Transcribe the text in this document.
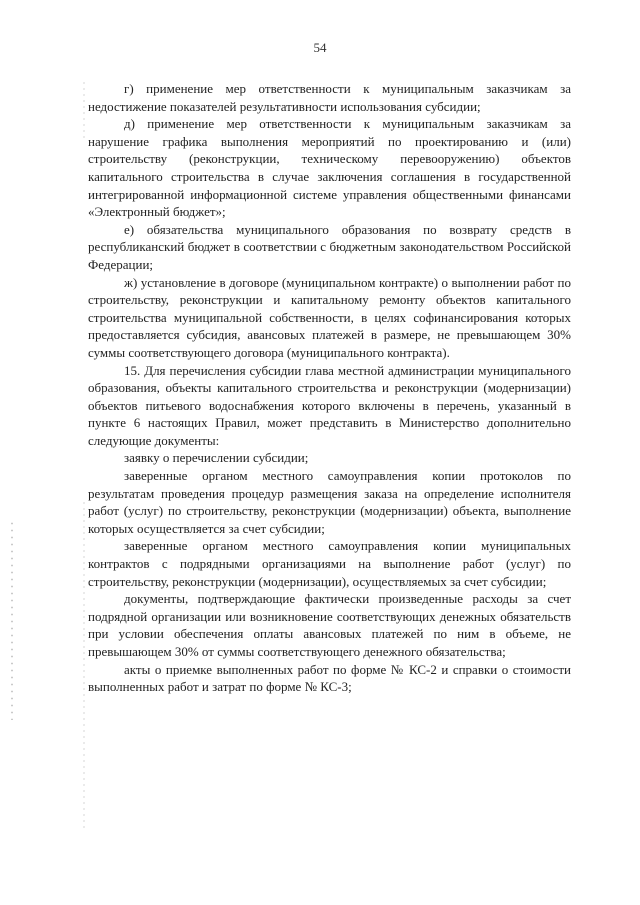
54

г) применение мер ответственности к муниципальным заказчикам за недостижение показателей результативности использования субсидии;

д) применение мер ответственности к муниципальным заказчикам за нарушение графика выполнения мероприятий по проектированию и (или) строительству (реконструкции, техническому перевооружению) объектов капитального строительства в случае заключения соглашения в государственной интегрированной информационной системе управления общественными финансами «Электронный бюджет»;

е) обязательства муниципального образования по возврату средств в республиканский бюджет в соответствии с бюджетным законодательством Российской Федерации;

ж) установление в договоре (муниципальном контракте) о выполнении работ по строительству, реконструкции и капитальному ремонту объектов капитального строительства муниципальной собственности, в целях софинансирования которых предоставляется субсидия, авансовых платежей в размере, не превышающем 30% суммы соответствующего договора (муниципального контракта).

15. Для перечисления субсидии глава местной администрации муниципального образования, объекты капитального строительства и реконструкции (модернизации) объектов питьевого водоснабжения которого включены в перечень, указанный в пункте 6 настоящих Правил, может представить в Министерство дополнительно следующие документы:

заявку о перечислении субсидии;

заверенные органом местного самоуправления копии протоколов по результатам проведения процедур размещения заказа на определение исполнителя работ (услуг) по строительству, реконструкции (модернизации) объекта, выполнение которых осуществляется за счет субсидии;

заверенные органом местного самоуправления копии муниципальных контрактов с подрядными организациями на выполнение работ (услуг) по строительству, реконструкции (модернизации), осуществляемых за счет субсидии;

документы, подтверждающие фактически произведенные расходы за счет подрядной организации или возникновение соответствующих денежных обязательств при условии обеспечения оплаты авансовых платежей по ним в объеме, не превышающем 30% от суммы соответствующего денежного обязательства;

акты о приемке выполненных работ по форме № КС-2 и справки о стоимости выполненных работ и затрат по форме № КС-3;
